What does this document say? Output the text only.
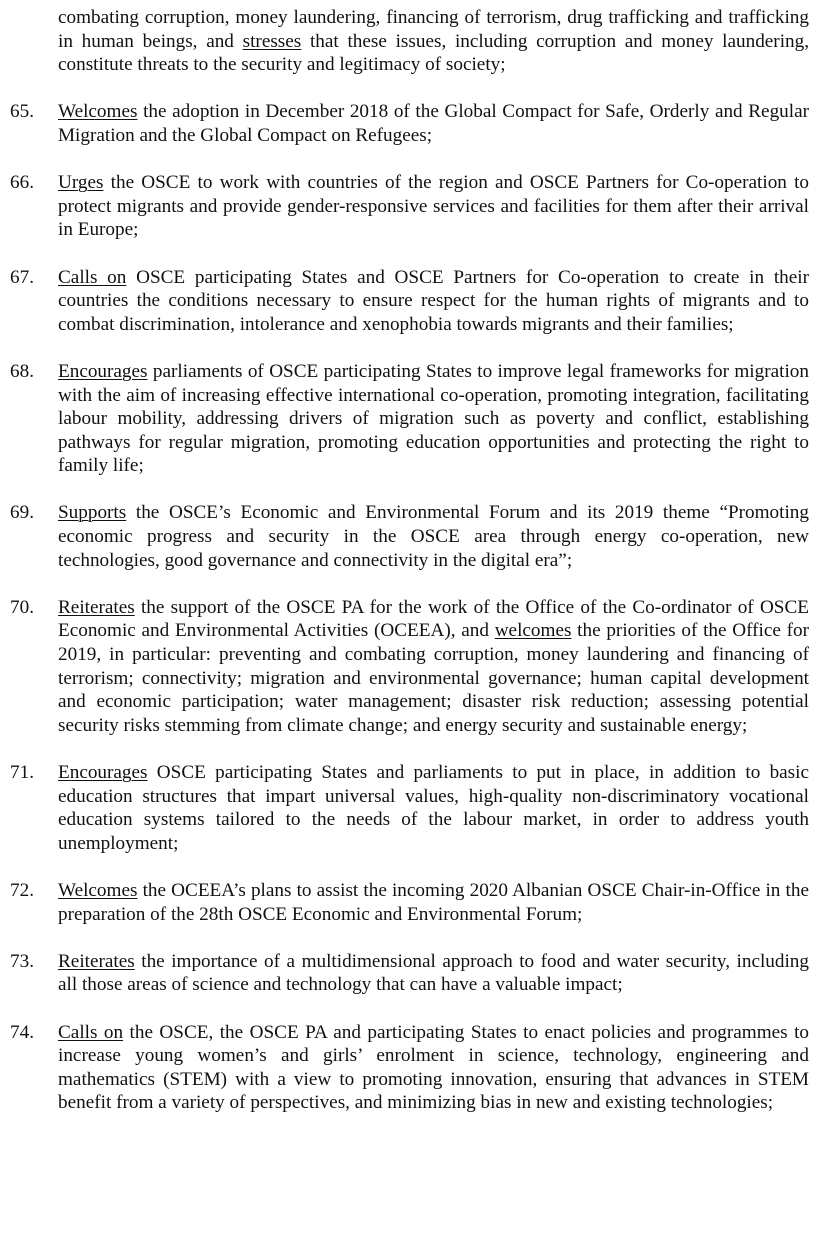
combating corruption, money laundering, financing of terrorism, drug trafficking and trafficking in human beings, and stresses that these issues, including corruption and money laundering, constitute threats to the security and legitimacy of society;
65. Welcomes the adoption in December 2018 of the Global Compact for Safe, Orderly and Regular Migration and the Global Compact on Refugees;
66. Urges the OSCE to work with countries of the region and OSCE Partners for Co-operation to protect migrants and provide gender-responsive services and facilities for them after their arrival in Europe;
67. Calls on OSCE participating States and OSCE Partners for Co-operation to create in their countries the conditions necessary to ensure respect for the human rights of migrants and to combat discrimination, intolerance and xenophobia towards migrants and their families;
68. Encourages parliaments of OSCE participating States to improve legal frameworks for migration with the aim of increasing effective international co-operation, promoting integration, facilitating labour mobility, addressing drivers of migration such as poverty and conflict, establishing pathways for regular migration, promoting education opportunities and protecting the right to family life;
69. Supports the OSCE’s Economic and Environmental Forum and its 2019 theme “Promoting economic progress and security in the OSCE area through energy co-operation, new technologies, good governance and connectivity in the digital era”;
70. Reiterates the support of the OSCE PA for the work of the Office of the Co-ordinator of OSCE Economic and Environmental Activities (OCEEA), and welcomes the priorities of the Office for 2019, in particular: preventing and combating corruption, money laundering and financing of terrorism; connectivity; migration and environmental governance; human capital development and economic participation; water management; disaster risk reduction; assessing potential security risks stemming from climate change; and energy security and sustainable energy;
71. Encourages OSCE participating States and parliaments to put in place, in addition to basic education structures that impart universal values, high-quality non-discriminatory vocational education systems tailored to the needs of the labour market, in order to address youth unemployment;
72. Welcomes the OCEEA’s plans to assist the incoming 2020 Albanian OSCE Chair-in-Office in the preparation of the 28th OSCE Economic and Environmental Forum;
73. Reiterates the importance of a multidimensional approach to food and water security, including all those areas of science and technology that can have a valuable impact;
74. Calls on the OSCE, the OSCE PA and participating States to enact policies and programmes to increase young women’s and girls’ enrolment in science, technology, engineering and mathematics (STEM) with a view to promoting innovation, ensuring that advances in STEM benefit from a variety of perspectives, and minimizing bias in new and existing technologies;
